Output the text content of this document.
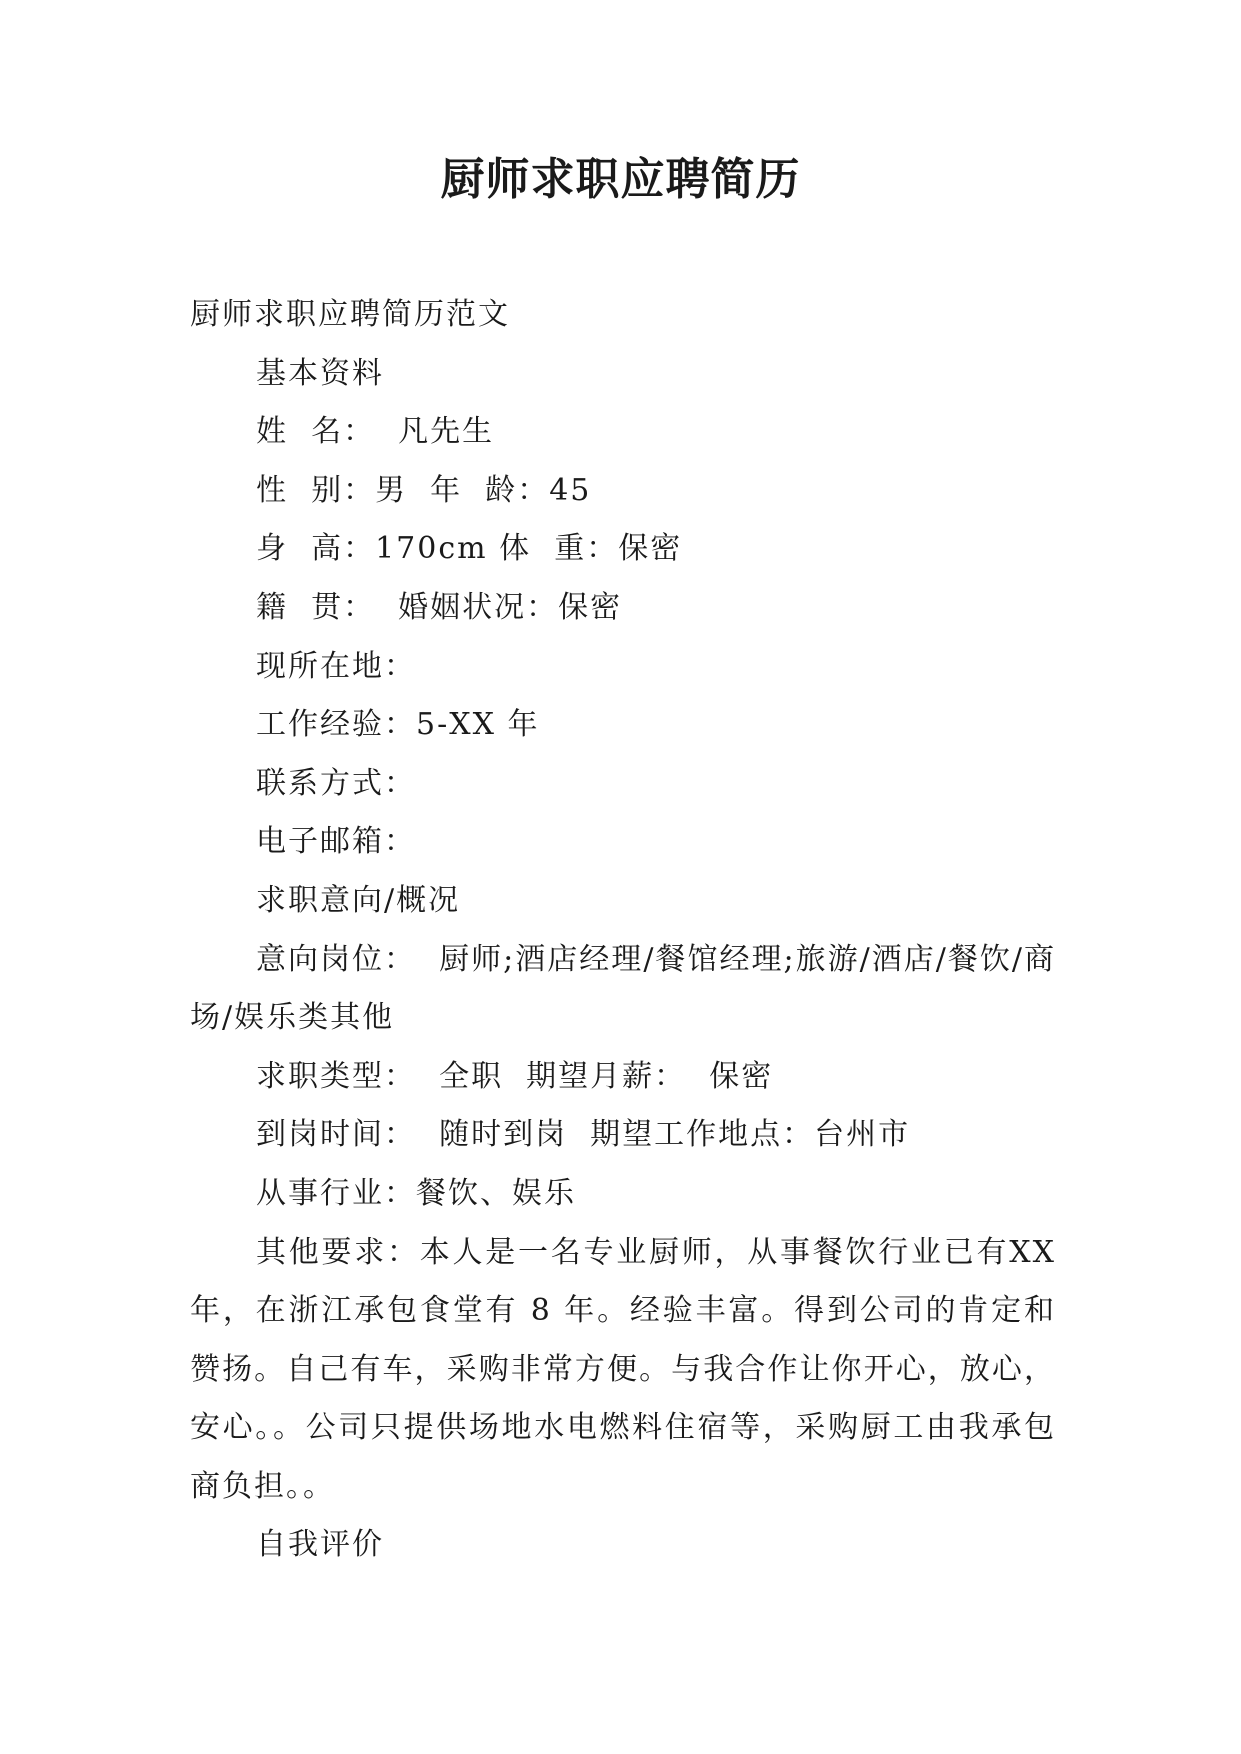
厨师求职应聘简历

厨师求职应聘简历范文

基本资料

姓  名：  凡先生

性  别：男  年  龄：45

身  高：170cm 体  重：保密

籍  贯：  婚姻状况：保密

现所在地：

工作经验：5-XX 年

联系方式：

电子邮箱：

求职意向/概况

意向岗位：  厨师;酒店经理/餐馆经理;旅游/酒店/餐饮/商场/娱乐类其他

求职类型：  全职  期望月薪：  保密

到岗时间：  随时到岗  期望工作地点：台州市

从事行业：餐饮、娱乐

其他要求：本人是一名专业厨师，从事餐饮行业已有XX年，在浙江承包食堂有 8 年。经验丰富。得到公司的肯定和赞扬。自己有车，采购非常方便。与我合作让你开心，放心，安心。。公司只提供场地水电燃料住宿等，采购厨工由我承包商负担。。

自我评价
